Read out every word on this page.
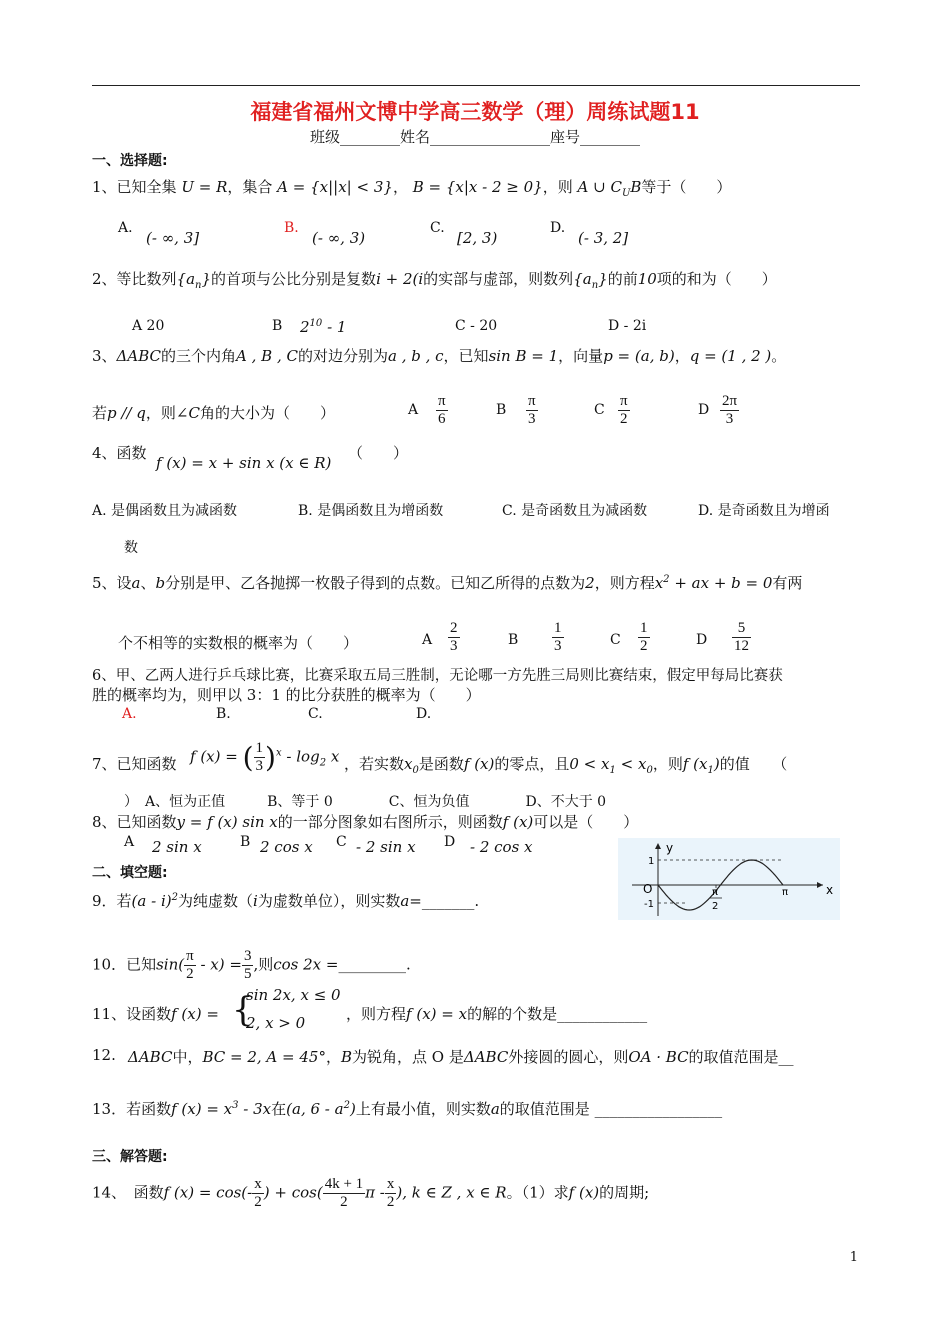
福建省福州文博中学高三数学（理）周练试题11
班级________姓名________________座号________
一、选择题:
1、已知全集 U = R，集合 A = {x||x| < 3}， B = {x|x - 2 ≥ 0}，则 A ∪ $C_UB$等于（　　）
A.
(- ∞, 3]
B.
(- ∞, 3)
C.
[2, 3)
D.
(- 3, 2]
2、等比数列$\{a_n\}$的首项与公比分别是复数i + 2(i的实部与虚部，则数列$\{a_n\}$的前10项的和为（　　）
A 20	B $2^{10} - 1$	C - 20	D - 2i
3、ΔABC的三个内角A , B , C的对边分别为a , b , c，已知sin B = 1，向量p = (a, b)，q = (1 , 2 )。
若p // q，则∠C角的大小为（　　）	A $\frac{\pi}{6}$	B $\frac{\pi}{3}$	C $\frac{\pi}{2}$	D $\frac{2\pi}{3}$
4、函数
f (x) = x + sin x (x ∈ R)
（　　）
A. 是偶函数且为减函数	B. 是偶函数且为增函数	C. 是奇函数且为减函数	D. 是奇函数且为增函
数
5、设a、b分别是甲、乙各抛掷一枚骰子得到的点数。已知乙所得的点数为2，则方程$x^2$ + ax + b = 0有两
个不相等的实数根的概率为（　　）	A $\frac{2}{3}$	B $\frac{1}{3}$	C $\frac{1}{2}$	D $\frac{5}{12}$
6、甲、乙两人进行乒乓球比赛，比赛采取五局三胜制，无论哪一方先胜三局则比赛结束，假定甲每局比赛获
胜的概率均为，则甲以 3：1 的比分获胜的概率为（　　）
A.	B.	C.	D.
7、已知函数 f (x) = ( $\frac{1}{3} )^x - \log_2 x$ ，若实数$x_0$是函数f (x)的零点，且$0 < x_1 < x_0$，则f $(x_1)$的值　　（
）　A、恒为正值　　　B、等于 0　　　　C、恒为负值　　　　D、不大于 0
8、已知函数y = f (x) sin x的一部分图象如右图所示，则函数f (x)可以是（　　）
A 2 sin x	B 2 cos x C - 2 sin x D - 2 cos x	y
x
O
1
-1
π
2
π
二、填空题:
9．若(a - i)$^2$为纯虚数（i为虚数单位），则实数a=_______.
10．已知$\sin( \frac{\pi}{2} - x) = \frac{3}{5}$ ,则cos 2x =_________.
11、设函数f (x) = {
sin 2x, x ≤ 0
2, x > 0	，则方程f (x) = x的解的个数是____________
12. ΔABC中，BC = 2, A = 45°，B为锐角，点 O 是ΔABC外接圆的圆心，则OA · BC的取值范围是__
13．若函数f $(x) = x^3 - 3x$在(a, $6 - a^2$)上有最小值，则实数a的取值范围是 _________________
三、解答题:
14、　函数f $(x) = \cos(- \frac{x}{2}$ ) + $\cos( \frac{4k + 1}{2}$ π - $\frac{x}{2}$ ), k ∈ Z , x ∈ R。（1）求f (x)的周期;
1
